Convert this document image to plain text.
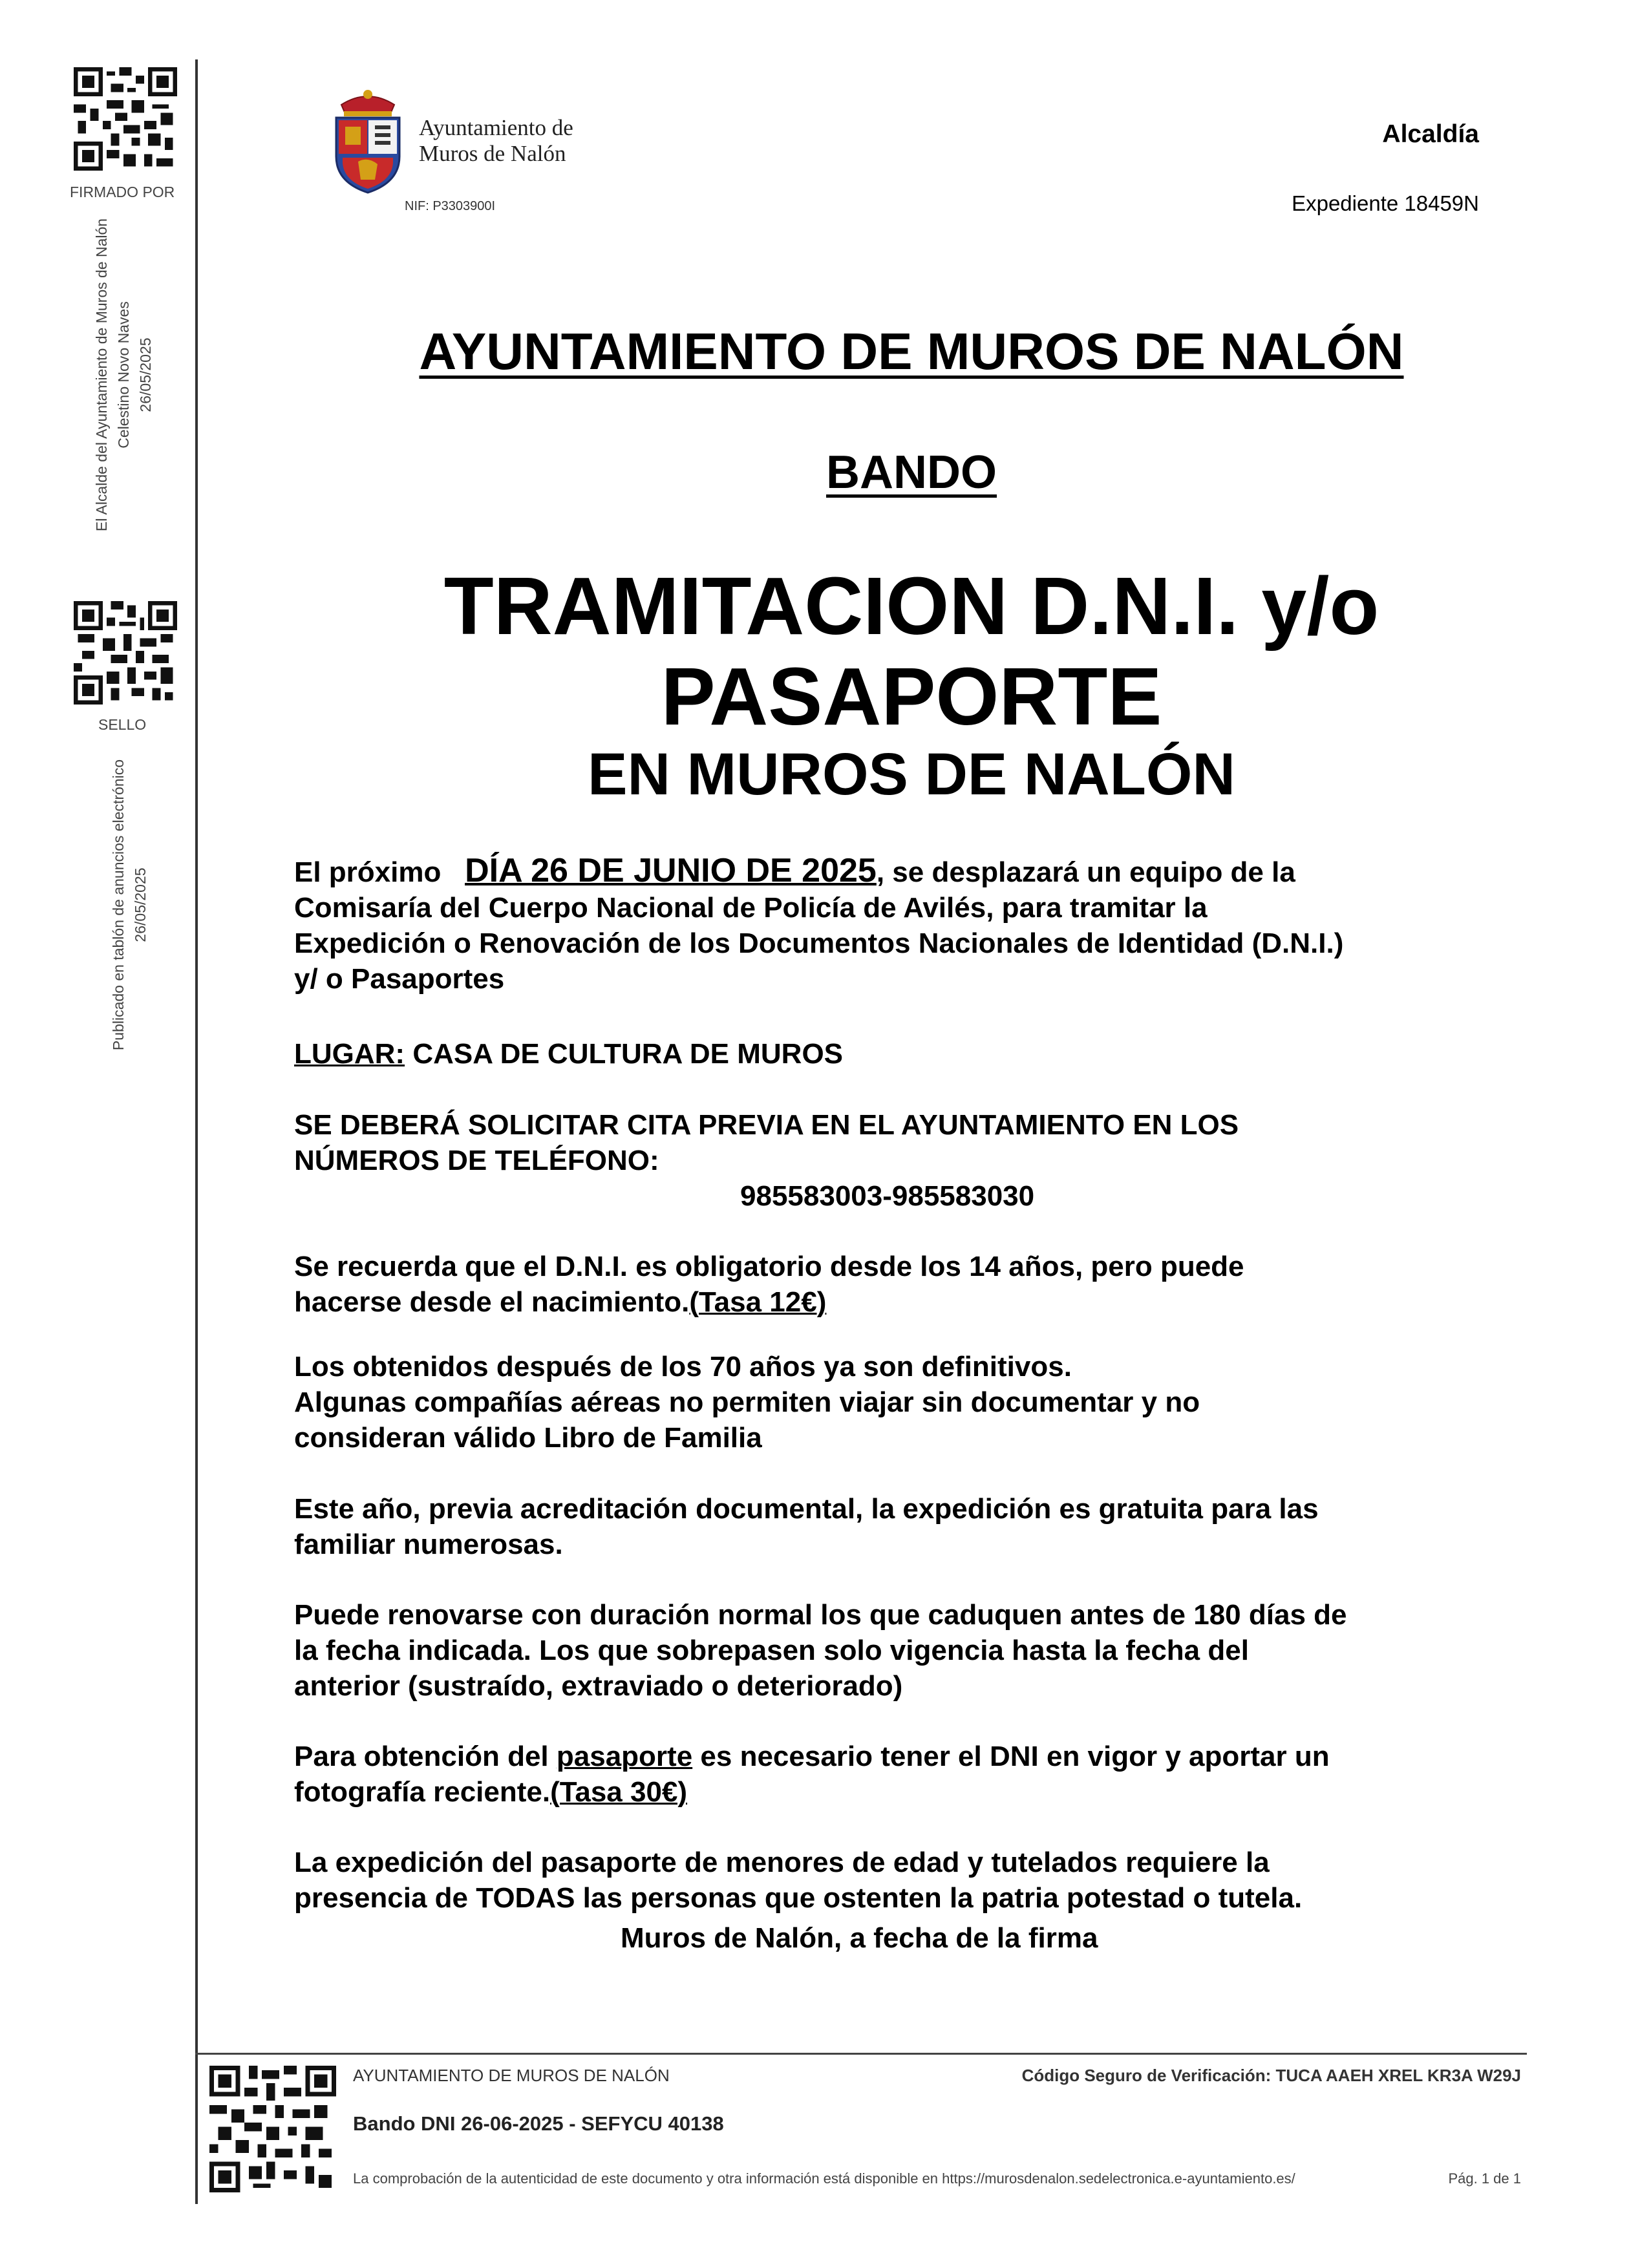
FIRMADO POR
El Alcalde del Ayuntamiento de Muros de Nalón Celestino Novo Naves 26/05/2025
SELLO
Publicado en tablón de anuncios electrónico 26/05/2025
Ayuntamiento de
Muros de Nalón
NIF: P3303900I
Alcaldía
Expediente 18459N
AYUNTAMIENTO DE MUROS DE NALÓN
BANDO
TRAMITACION D.N.I. y/o
PASAPORTE
EN MUROS DE NALÓN
El próximo DÍA 26 DE JUNIO DE 2025, se desplazará un equipo de la
Comisaría del Cuerpo Nacional de Policía de Avilés, para tramitar la
Expedición o Renovación de los Documentos Nacionales de Identidad (D.N.I.)
y/ o Pasaportes
LUGAR: CASA DE CULTURA DE MUROS
SE DEBERÁ SOLICITAR CITA PREVIA EN EL AYUNTAMIENTO EN LOS
NÚMEROS DE TELÉFONO:
985583003-985583030
Se recuerda que el D.N.I. es obligatorio desde los 14 años, pero puede
hacerse desde el nacimiento.(Tasa 12€)
Los obtenidos después de los 70 años ya son definitivos.
Algunas compañías aéreas no permiten viajar sin documentar y no
consideran válido Libro de Familia
Este año, previa acreditación documental, la expedición es gratuita para las
familiar numerosas.
Puede renovarse con duración normal los que caduquen antes de 180 días de
la fecha indicada. Los que sobrepasen solo vigencia hasta la fecha del
anterior (sustraído, extraviado o deteriorado)
Para obtención del pasaporte es necesario tener el DNI en vigor y aportar un
fotografía reciente.(Tasa 30€)
La expedición del pasaporte de menores de edad y tutelados requiere la
presencia de TODAS las personas que ostenten la patria potestad o tutela.
Muros de Nalón, a fecha de la firma
AYUNTAMIENTO DE MUROS DE NALÓN	Código Seguro de Verificación: TUCA AAEH XREL KR3A W29J
Bando DNI 26-06-2025 - SEFYCU 40138
La comprobación de la autenticidad de este documento y otra información está disponible en https://murosdenalon.sedelectronica.e-ayuntamiento.es/	Pág. 1 de 1
